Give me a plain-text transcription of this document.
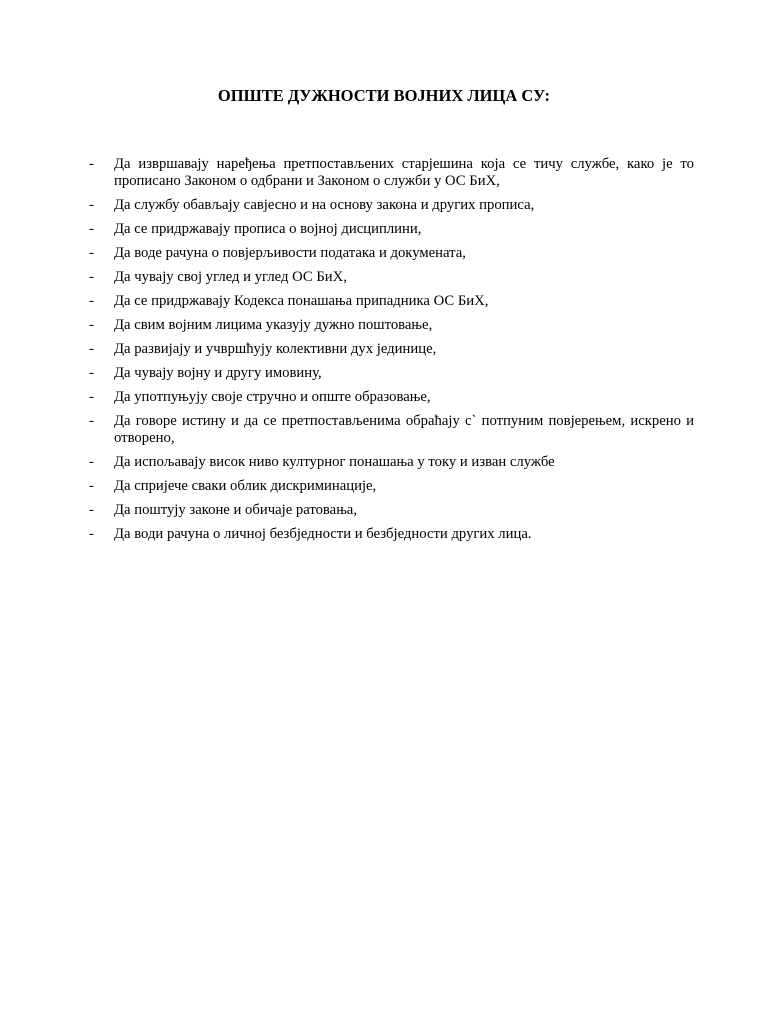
ОПШТЕ ДУЖНОСТИ ВОЈНИХ ЛИЦА СУ:
-	Да извршавају наређења претпостављених старјешина која се тичу службе, како је то прописано Законом о одбрани и Законом о служби у ОС БиХ,
-	Да службу обављају савјесно и на основу закона и других прописа,
-	Да се придржавају прописа о војној дисциплини,
-	Да воде рачуна о повјерљивости података и докумената,
-	Да чувају свој углед и углед ОС БиХ,
-	Да се придржавају Кодекса понашања припадника ОС БиХ,
-	Да свим војним лицима указују дужно поштовање,
-	Да развијају и учвршћују колективни дух јединице,
-	Да чувају војну и другу имовину,
-	Да употпуњују своје стручно и опште образовање,
-	Да говоре истину и да се претпостављенима обраћају с` потпуним повјерењем, искрено и отворено,
-	Да испољавају висок ниво културног понашања у току и изван службе
-	Да спријече сваки облик дискриминације,
-	Да поштују законе и обичаје ратовања,
-	Да води рачуна о личној безбједности и безбједности других лица.
